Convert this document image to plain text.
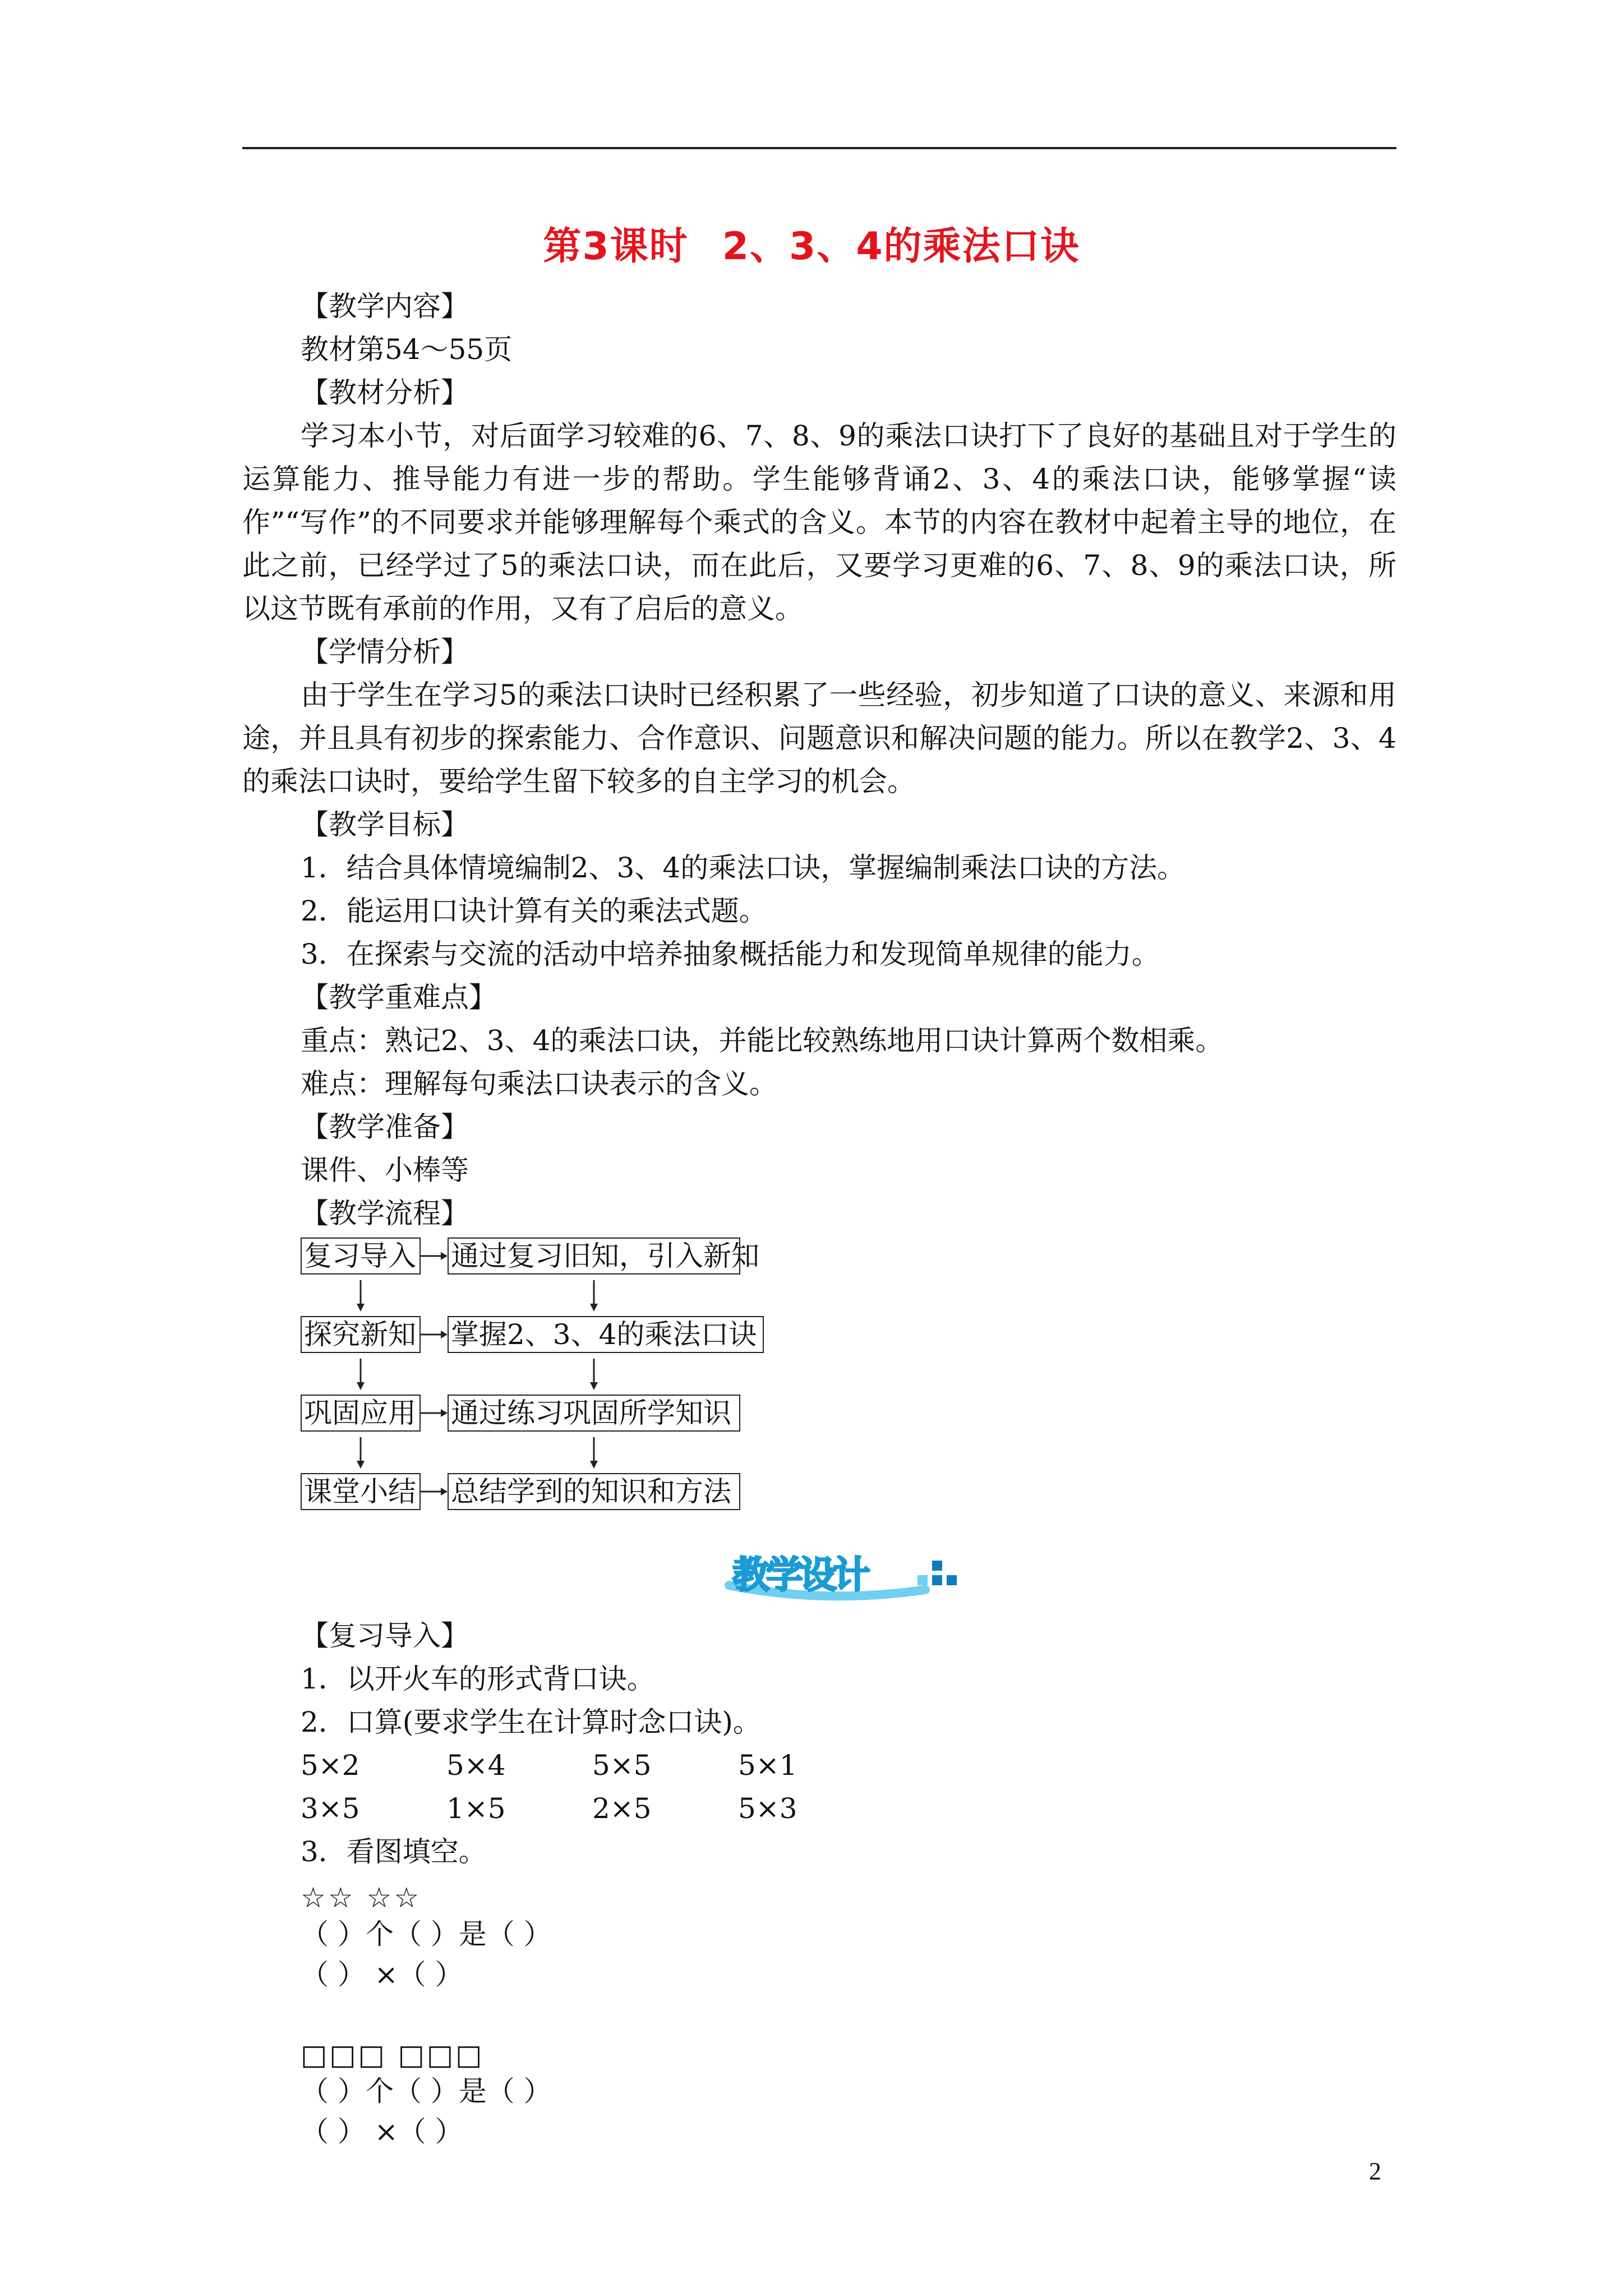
第3课时 2、3、4的乘法口诀
【教学内容】
教材第54～55页
【教材分析】
学习本小节，对后面学习较难的6、7、8、9的乘法口诀打下了良好的基础且对于学生的运算能力、推导能力有进一步的帮助。学生能够背诵2、3、4的乘法口诀，能够掌握“读作”“写作”的不同要求并能够理解每个乘式的含义。本节的内容在教材中起着主导的地位，在此之前，已经学过了5的乘法口诀，而在此后，又要学习更难的6、7、8、9的乘法口诀，所以这节既有承前的作用，又有了启后的意义。
【学情分析】
由于学生在学习5的乘法口诀时已经积累了一些经验，初步知道了口诀的意义、来源和用途，并且具有初步的探索能力、合作意识、问题意识和解决问题的能力。所以在教学2、3、4的乘法口诀时，要给学生留下较多的自主学习的机会。
【教学目标】
1．结合具体情境编制2、3、4的乘法口诀，掌握编制乘法口诀的方法。
2．能运用口诀计算有关的乘法式题。
3．在探索与交流的活动中培养抽象概括能力和发现简单规律的能力。
【教学重难点】
重点：熟记2、3、4的乘法口诀，并能比较熟练地用口诀计算两个数相乘。
难点：理解每句乘法口诀表示的含义。
【教学准备】
课件、小棒等
【教学流程】
复习导入 通过复习旧知，引入新知
探究新知 掌握2、3、4的乘法口诀
巩固应用 通过练习巩固所学知识
课堂小结 总结学到的知识和方法
教学设计
【复习导入】
1．以开火车的形式背口诀。
2．口算(要求学生在计算时念口诀)。
5×2	5×4	5×5	5×1
3×5	1×5	2×5	5×3
3．看图填空。
☆☆ ☆☆
（ ）个（ ）是（ ）
（ ） ×（ ）
□□□ □□□
（ ）个（ ）是（ ）
（ ） ×（ ）
2
